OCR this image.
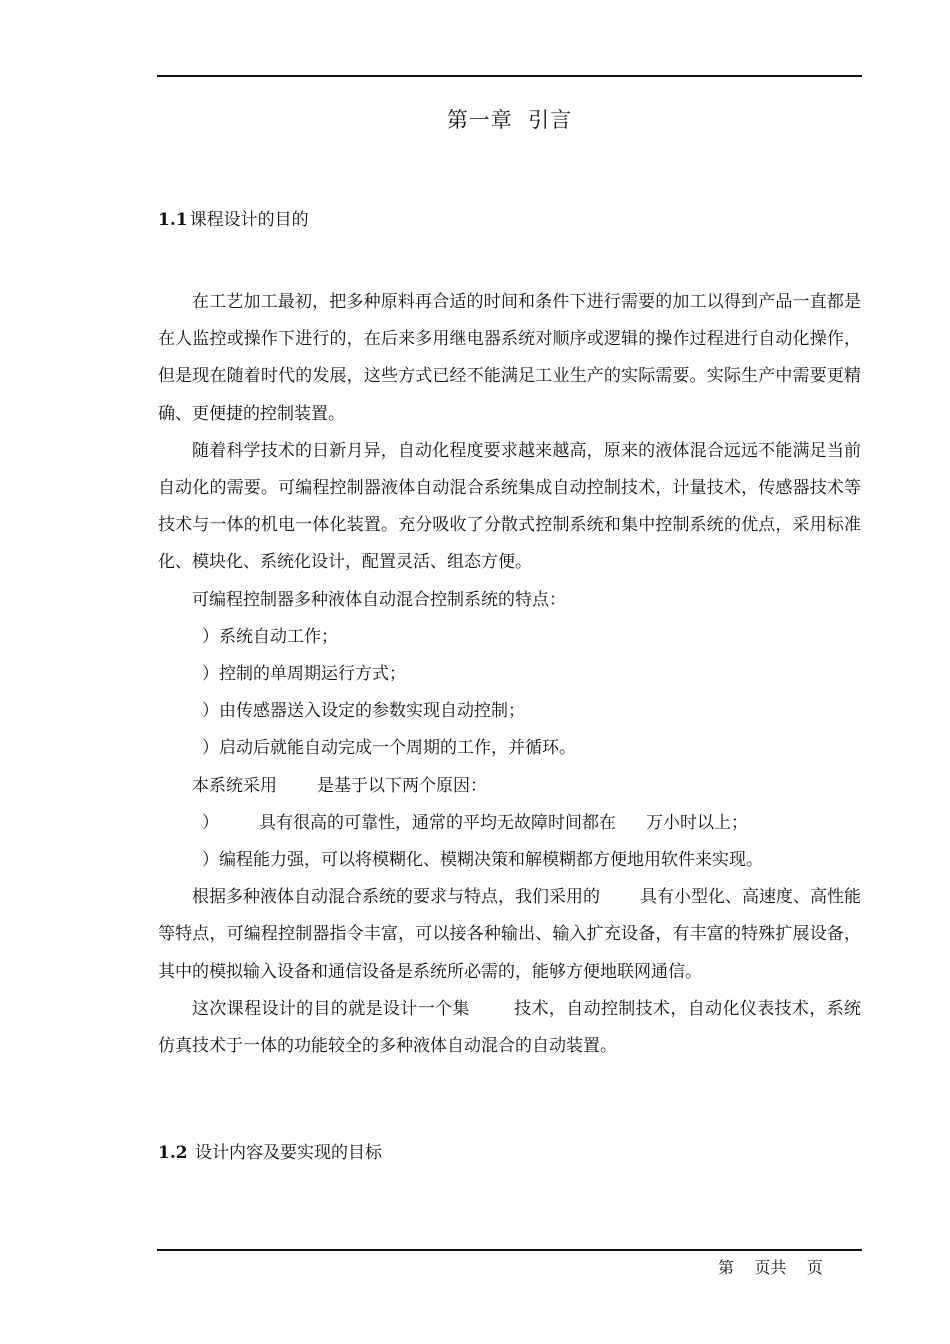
第一章  引言
1.1 课程设计的目的

在工艺加工最初，把多种原料再合适的时间和条件下进行需要的加工以得到产品一直都是在人监控或操作下进行的，在后来多用继电器系统对顺序或逻辑的操作过程进行自动化操作，但是现在随着时代的发展，这些方式已经不能满足工业生产的实际需要。实际生产中需要更精确、更便捷的控制装置。

随着科学技术的日新月异，自动化程度要求越来越高，原来的液体混合远远不能满足当前自动化的需要。可编程控制器液体自动混合系统集成自动控制技术，计量技术，传感器技术等技术与一体的机电一体化装置。充分吸收了分散式控制系统和集中控制系统的优点，采用标准化、模块化、系统化设计，配置灵活、组态方便。

可编程控制器多种液体自动混合控制系统的特点：

）系统自动工作；

）控制的单周期运行方式；

）由传感器送入设定的参数实现自动控制；

）启动后就能自动完成一个周期的工作，并循环。

本系统采用 是基于以下两个原因：

） 具有很高的可靠性，通常的平均无故障时间都在 万小时以上；

）编程能力强，可以将模糊化、模糊决策和解模糊都方便地用软件来实现。

根据多种液体自动混合系统的要求与特点，我们采用的 具有小型化、高速度、高性能等特点，可编程控制器指令丰富，可以接各种输出、输入扩充设备，有丰富的特殊扩展设备，其中的模拟输入设备和通信设备是系统所必需的，能够方便地联网通信。

这次课程设计的目的就是设计一个集	技术，自动控制技术，自动化仪表技术，系统仿真技术于一体的功能较全的多种液体自动混合的自动装置。

1.2 设计内容及要实现的目标
第    页共    页
